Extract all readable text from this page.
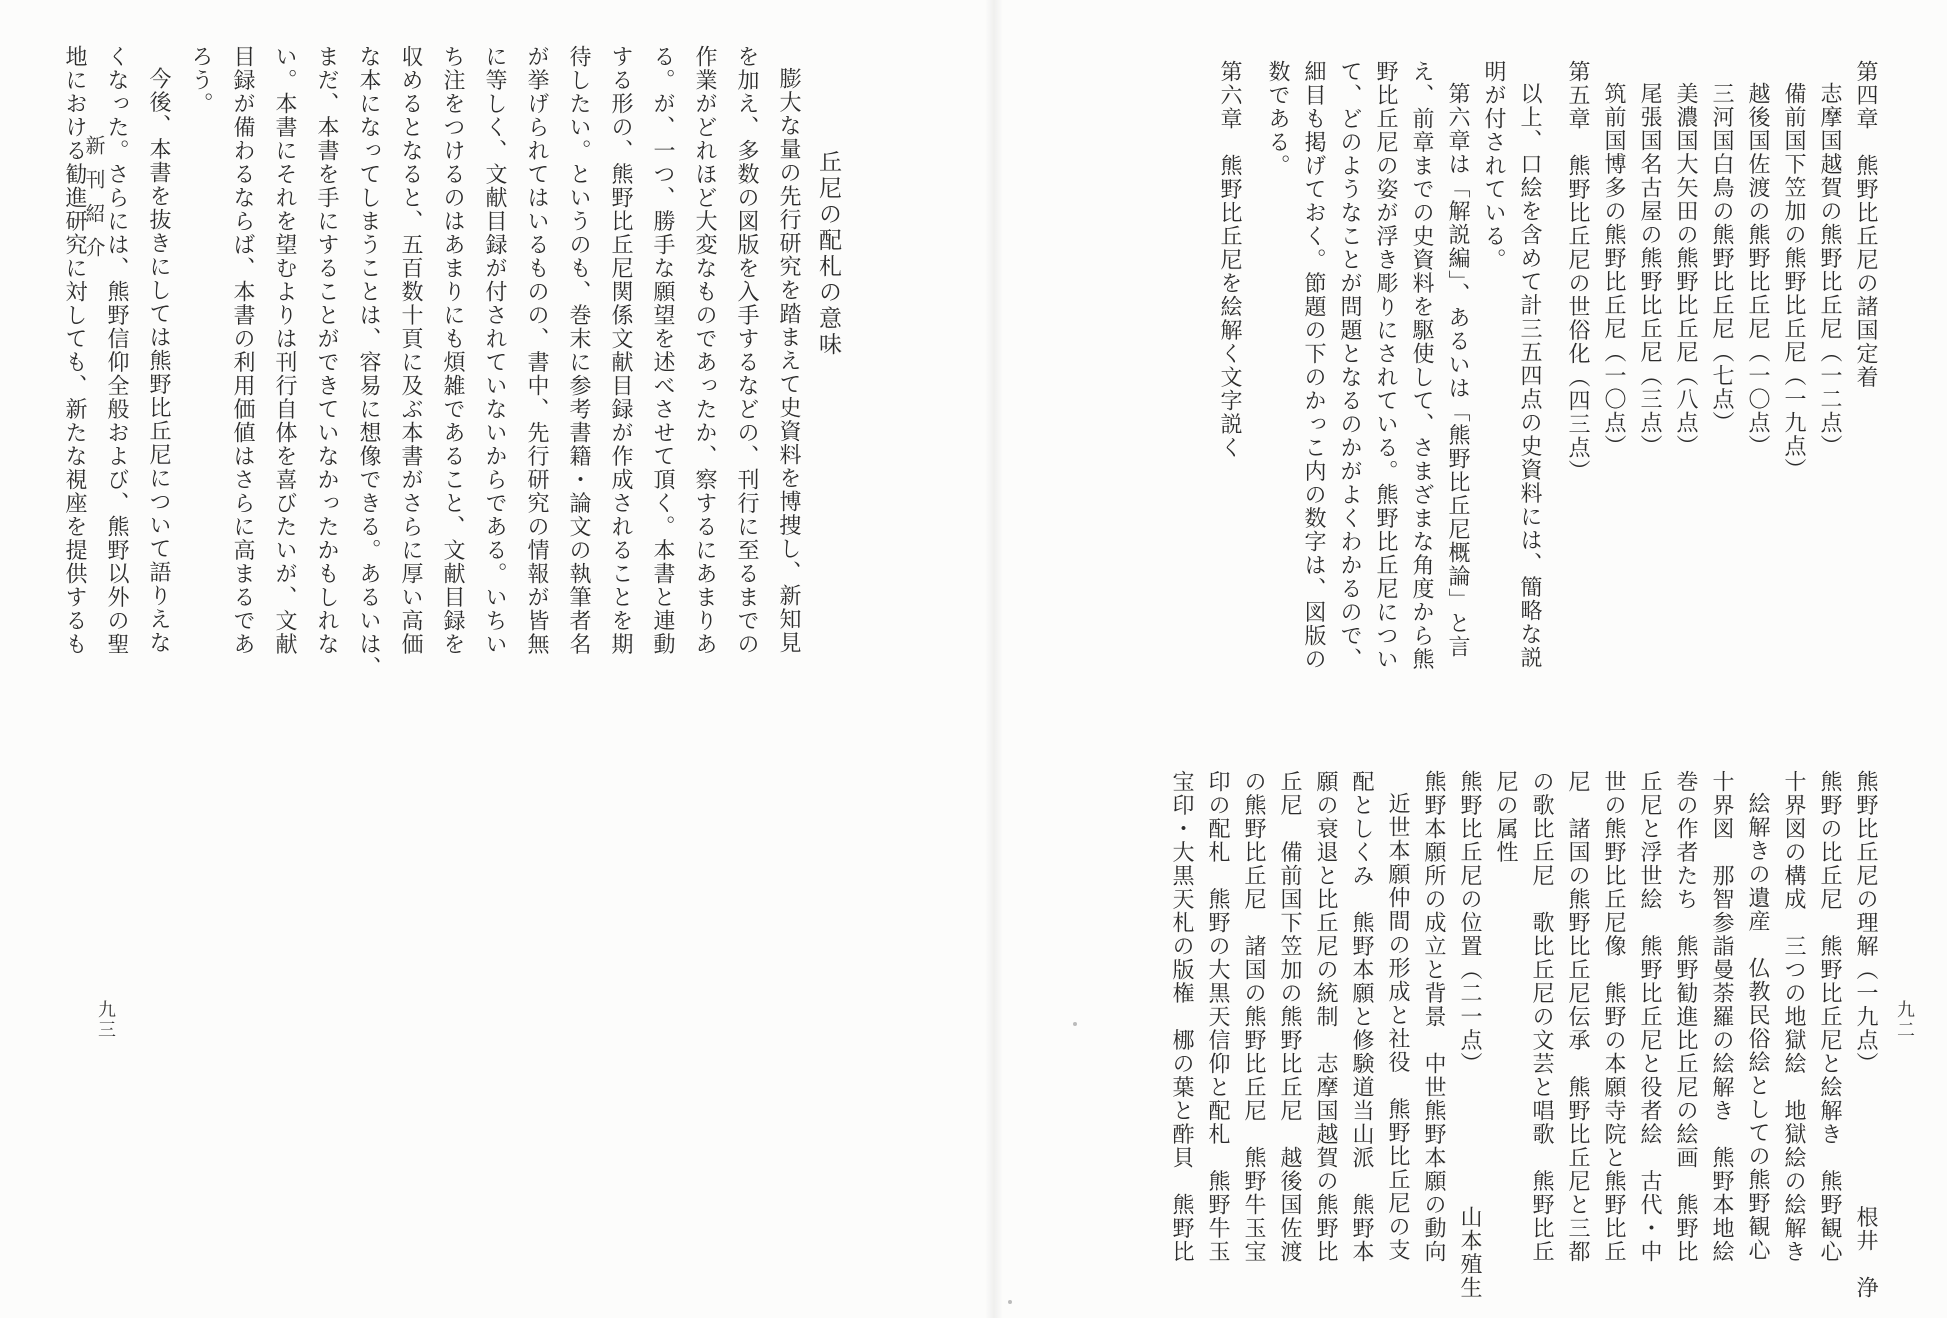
丘尼の配札の意味
膨大な量の先行研究を踏まえて史資料を博捜し、新知見
を加え、多数の図版を入手するなどの、刊行に至るまでの
作業がどれほど大変なものであったか、察するにあまりあ
る。が、一つ、勝手な願望を述べさせて頂く。本書と連動
する形の、熊野比丘尼関係文献目録が作成されることを期
待したい。というのも、巻末に参考書籍・論文の執筆者名
が挙げられてはいるものの、書中、先行研究の情報が皆無
に等しく、文献目録が付されていないからである。いちい
ち注をつけるのはあまりにも煩雑であること、文献目録を
収めるとなると、五百数十頁に及ぶ本書がさらに厚い高価
な本になってしまうことは、容易に想像できる。あるいは、
まだ、本書を手にすることができていなかったかもしれな
い。本書にそれを望むよりは刊行自体を喜びたいが、文献
目録が備わるならば、本書の利用価値はさらに高まるであ
ろう。
今後、本書を抜きにしては熊野比丘尼について語りえな
くなった。さらには、熊野信仰全般および、熊野以外の聖
地における勧進研究に対しても、新たな視座を提供するも
新刊紹介
九三
第四章　熊野比丘尼の諸国定着
志摩国越賀の熊野比丘尼（一二点）
備前国下笠加の熊野比丘尼（一九点）
越後国佐渡の熊野比丘尼（一〇点）
三河国白鳥の熊野比丘尼（七点）
美濃国大矢田の熊野比丘尼（八点）
尾張国名古屋の熊野比丘尼（三点）
筑前国博多の熊野比丘尼（一〇点）
第五章　熊野比丘尼の世俗化（四三点）
以上、口絵を含めて計三五四点の史資料には、簡略な説
明が付されている。
第六章は「解説編」、あるいは「熊野比丘尼概論」と言
え、前章までの史資料を駆使して、さまざまな角度から熊
野比丘尼の姿が浮き彫りにされている。熊野比丘尼につい
て、どのようなことが問題となるのかがよくわかるので、
細目も掲げておく。節題の下のかっこ内の数字は、図版の
数である。
第六章　熊野比丘尼を絵解く文字説く
熊野比丘尼の理解（一九点）　　　　　　根井　浄
熊野の比丘尼　熊野比丘尼と絵解き　熊野観心
十界図の構成　三つの地獄絵　地獄絵の絵解き
絵解きの遺産　仏教民俗絵としての熊野観心
十界図　那智参詣曼荼羅の絵解き　熊野本地絵
巻の作者たち　熊野勧進比丘尼の絵画　熊野比
丘尼と浮世絵　熊野比丘尼と役者絵　古代・中
世の熊野比丘尼像　熊野の本願寺院と熊野比丘
尼　諸国の熊野比丘尼伝承　熊野比丘尼と三都
の歌比丘尼　歌比丘尼の文芸と唱歌　熊野比丘
尼の属性
熊野比丘尼の位置（二一点）　　　　　　山本殖生
熊野本願所の成立と背景　中世熊野本願の動向
近世本願仲間の形成と社役　熊野比丘尼の支
配としくみ　熊野本願と修験道当山派　熊野本
願の衰退と比丘尼の統制　志摩国越賀の熊野比
丘尼　備前国下笠加の熊野比丘尼　越後国佐渡
の熊野比丘尼　諸国の熊野比丘尼　熊野牛玉宝
印の配札　熊野の大黒天信仰と配札　熊野牛玉
宝印・大黒天札の版権　梛の葉と酢貝　熊野比	九二
